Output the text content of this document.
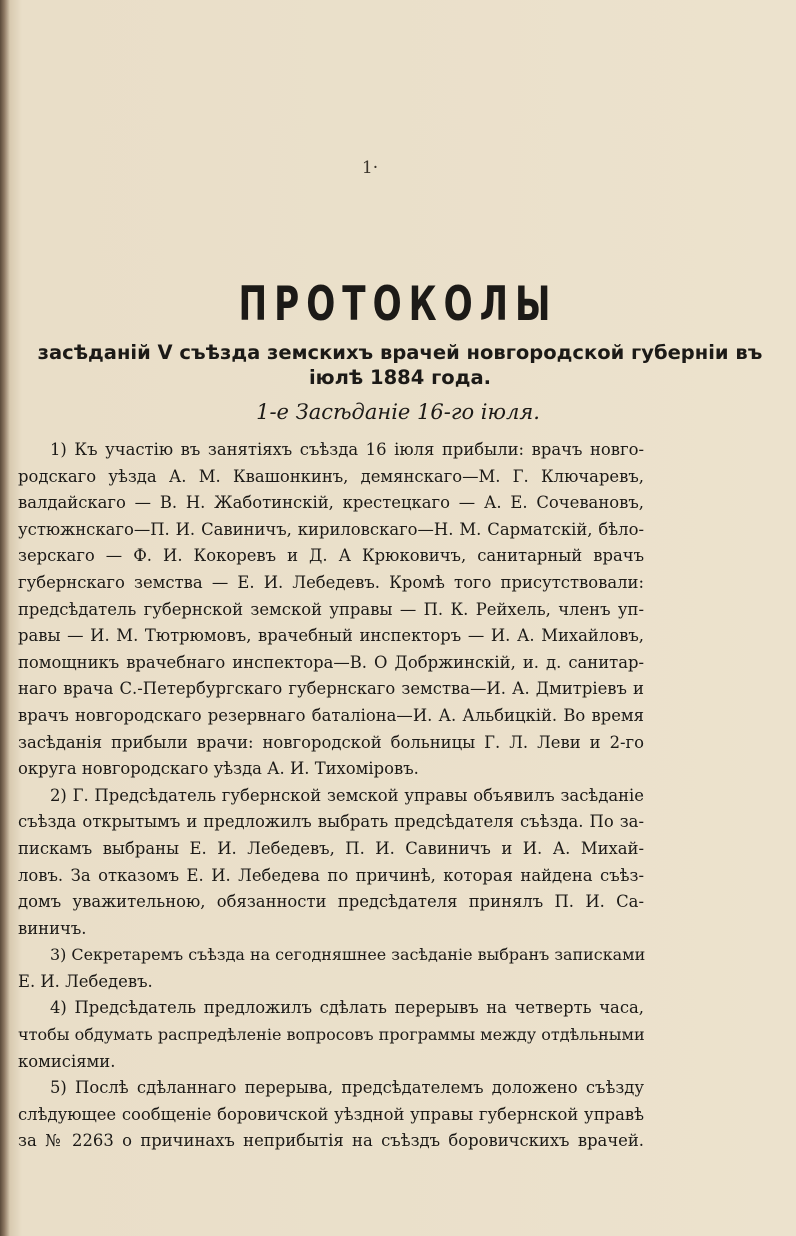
1·
ПРОТОКОЛЫ
засѣданій V съѣзда земскихъ врачей новгородской губерніи въ
іюлѣ 1884 года.
1-е Засѣданіе 16-го іюля.
1) Къ участію въ занятіяхъ съѣзда 16 іюля прибыли: врачъ новго-
родскаго уѣзда А. М. Квашонкинъ, демянскаго—М. Г. Ключаревъ,
валдайскаго — В. Н. Жаботинскій, крестецкаго — А. Е. Сочевановъ,
устюжнскаго—П. И. Савиничъ, кириловскаго—Н. М. Сарматскій, бѣло-
зерскаго — Ф. И. Кокоревъ и Д. А Крюковичъ, санитарный врачъ
губернскаго земства — Е. И. Лебедевъ. Кромѣ того присутствовали:
предсѣдатель губернской земской управы — П. К. Рейхель, членъ уп-
равы — И. М. Тютрюмовъ, врачебный инспекторъ — И. А. Михайловъ,
помощникъ врачебнаго инспектора—В. О Добржинскій, и. д. санитар-
наго врача С.-Петербургскаго губернскаго земства—И. А. Дмитріевъ и
врачъ новгородскаго резервнаго баталіона—И. А. Альбицкій. Во время
засѣданія прибыли врачи: новгородской больницы Г. Л. Леви и 2-го
округа новгородскаго уѣзда А. И. Тихоміровъ.
2) Г. Предсѣдатель губернской земской управы объявилъ засѣданіе
съѣзда открытымъ и предложилъ выбрать предсѣдателя съѣзда. По за-
пискамъ выбраны Е. И. Лебедевъ, П. И. Савиничъ и И. А. Михай-
ловъ. За отказомъ Е. И. Лебедева по причинѣ, которая найдена съѣз-
домъ уважительною, обязанности предсѣдателя принялъ П. И. Са-
виничъ.
3) Секретаремъ съѣзда на сегодняшнее засѣданіе выбранъ записками
Е. И. Лебедевъ.
4) Предсѣдатель предложилъ сдѣлать перерывъ на четверть часа,
чтобы обдумать распредѣленіе вопросовъ программы между отдѣльными
комисіями.
5) Послѣ сдѣланнаго перерыва, предсѣдателемъ доложено съѣзду
слѣдующее сообщеніе боровичской уѣздной управы губернской управѣ
за № 2263 о причинахъ неприбытія на съѣздъ боровичскихъ врачей.
